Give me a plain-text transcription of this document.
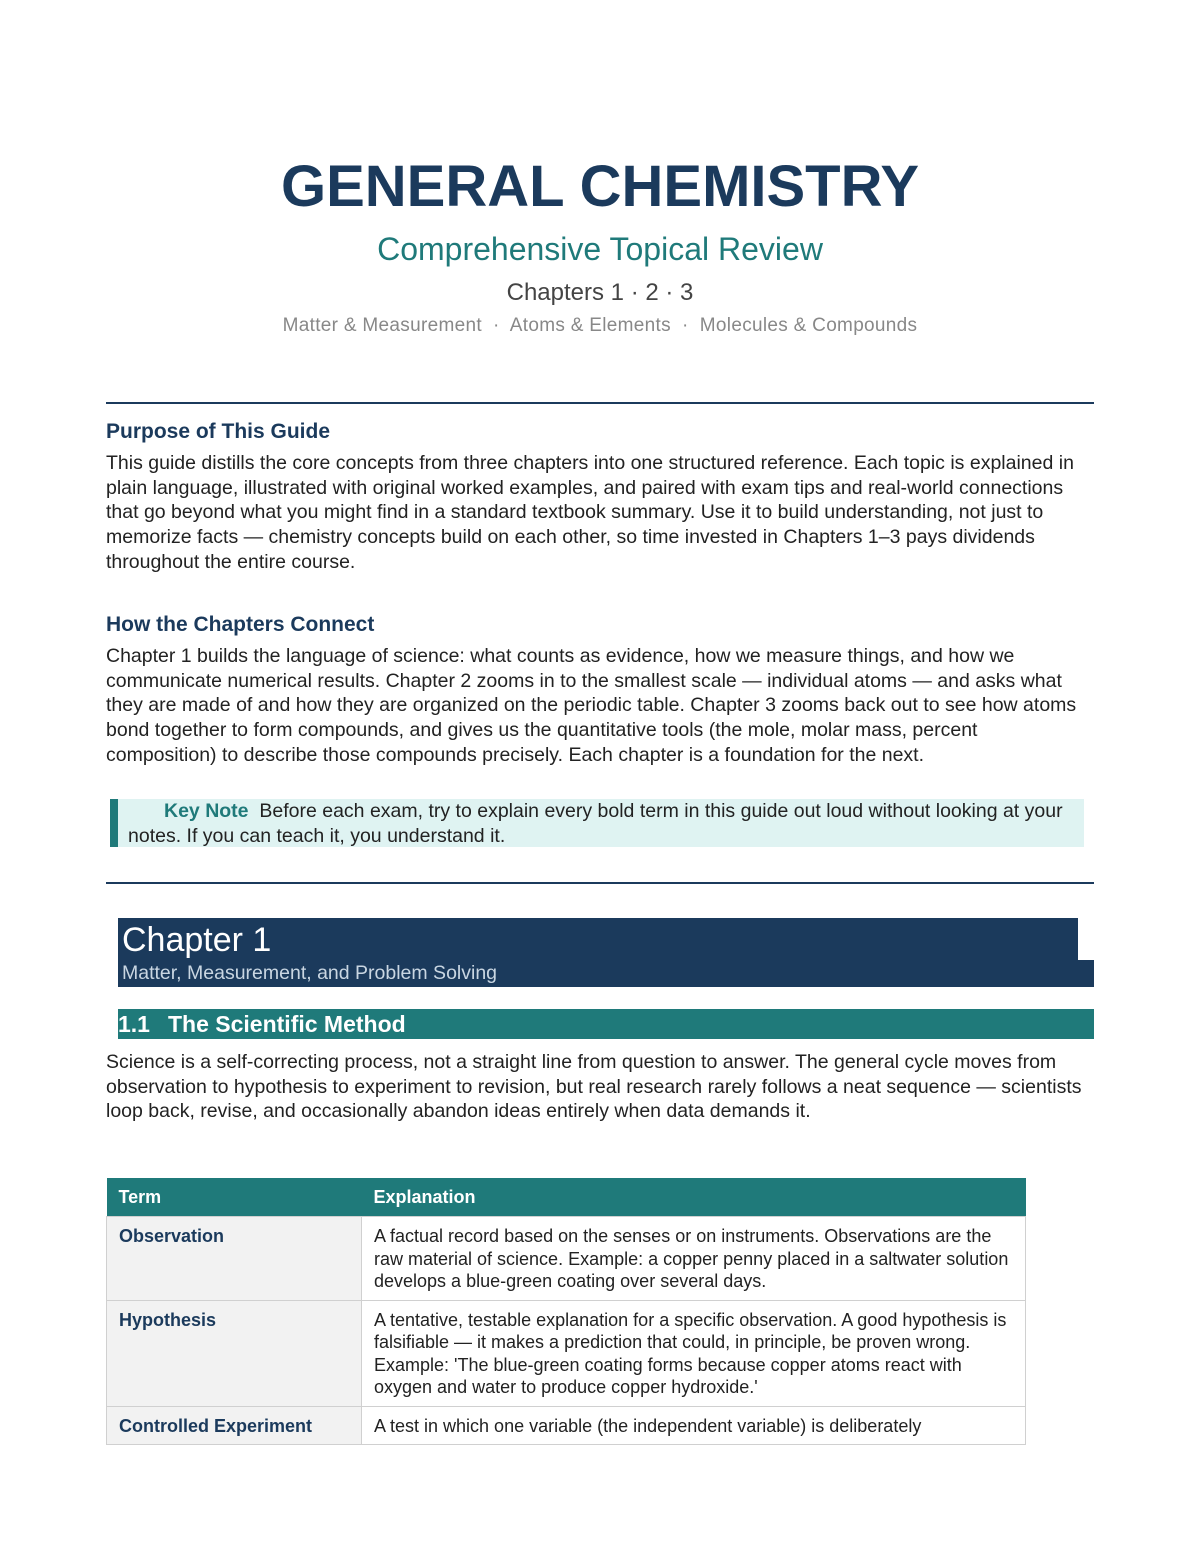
GENERAL CHEMISTRY
Comprehensive Topical Review
Chapters 1 · 2 · 3
Matter & Measurement  ·  Atoms & Elements  ·  Molecules & Compounds
Purpose of This Guide
This guide distills the core concepts from three chapters into one structured reference. Each topic is explained in plain language, illustrated with original worked examples, and paired with exam tips and real-world connections that go beyond what you might find in a standard textbook summary. Use it to build understanding, not just to memorize facts — chemistry concepts build on each other, so time invested in Chapters 1–3 pays dividends throughout the entire course.
How the Chapters Connect
Chapter 1 builds the language of science: what counts as evidence, how we measure things, and how we communicate numerical results. Chapter 2 zooms in to the smallest scale — individual atoms — and asks what they are made of and how they are organized on the periodic table. Chapter 3 zooms back out to see how atoms bond together to form compounds, and gives us the quantitative tools (the mole, molar mass, percent composition) to describe those compounds precisely. Each chapter is a foundation for the next.
Key Note Before each exam, try to explain every bold term in this guide out loud without looking at your notes. If you can teach it, you understand it.
Chapter 1
Matter, Measurement, and Problem Solving
1.1 The Scientific Method
Science is a self-correcting process, not a straight line from question to answer. The general cycle moves from observation to hypothesis to experiment to revision, but real research rarely follows a neat sequence — scientists loop back, revise, and occasionally abandon ideas entirely when data demands it.
Term	Explanation
Observation	A factual record based on the senses or on instruments. Observations are the raw material of science. Example: a copper penny placed in a saltwater solution develops a blue-green coating over several days.
Hypothesis	A tentative, testable explanation for a specific observation. A good hypothesis is falsifiable — it makes a prediction that could, in principle, be proven wrong. Example: 'The blue-green coating forms because copper atoms react with oxygen and water to produce copper hydroxide.'
Controlled Experiment	A test in which one variable (the independent variable) is deliberately
